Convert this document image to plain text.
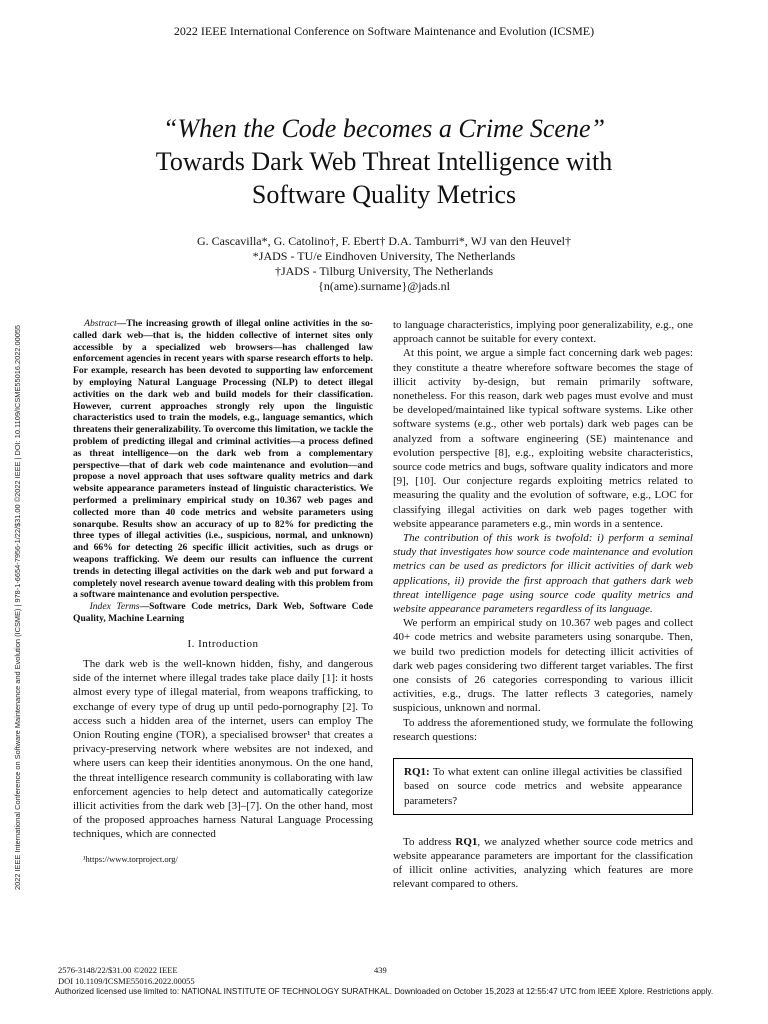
2022 IEEE International Conference on Software Maintenance and Evolution (ICSME)
2022 IEEE International Conference on Software Maintenance and Evolution (ICSME) | 978-1-6654-7956-1/22/$31.00 ©2022 IEEE | DOI: 10.1109/ICSME55016.2022.00055
“When the Code becomes a Crime Scene”
Towards Dark Web Threat Intelligence with
Software Quality Metrics
G. Cascavilla*, G. Catolino†, F. Ebert† D.A. Tamburri*, WJ van den Heuvel†
*JADS - TU/e Eindhoven University, The Netherlands
†JADS - Tilburg University, The Netherlands
{n(ame).surname}@jads.nl

Abstract—The increasing growth of illegal online activities in the so-called dark web—that is, the hidden collective of internet sites only accessible by a specialized web browsers—has challenged law enforcement agencies in recent years with sparse research efforts to help. For example, research has been devoted to supporting law enforcement by employing Natural Language Processing (NLP) to detect illegal activities on the dark web and build models for their classification. However, current approaches strongly rely upon the linguistic characteristics used to train the models, e.g., language semantics, which threatens their generalizability. To overcome this limitation, we tackle the problem of predicting illegal and criminal activities—a process defined as threat intelligence—on the dark web from a complementary perspective—that of dark web code maintenance and evolution—and propose a novel approach that uses software quality metrics and dark website appearance parameters instead of linguistic characteristics. We performed a preliminary empirical study on 10.367 web pages and collected more than 40 code metrics and website parameters using sonarqube. Results show an accuracy of up to 82% for predicting the three types of illegal activities (i.e., suspicious, normal, and unknown) and 66% for detecting 26 specific illicit activities, such as drugs or weapons trafficking. We deem our results can influence the current trends in detecting illegal activities on the dark web and put forward a completely novel research avenue toward dealing with this problem from a software maintenance and evolution perspective.

Index Terms—Software Code metrics, Dark Web, Software Code Quality, Machine Learning

I. Introduction

The dark web is the well-known hidden, fishy, and dangerous side of the internet where illegal trades take place daily [1]: it hosts almost every type of illegal material, from weapons trafficking, to exchange of every type of drug up until pedo-pornography [2]. To access such a hidden area of the internet, users can employ The Onion Routing engine (TOR), a specialised browser¹ that creates a privacy-preserving network where websites are not indexed, and where users can keep their identities anonymous. On the one hand, the threat intelligence research community is collaborating with law enforcement agencies to help detect and automatically categorize illicit activities from the dark web [3]–[7]. On the other hand, most of the proposed approaches harness Natural Language Processing techniques, which are connected

¹https://www.torproject.org/

to language characteristics, implying poor generalizability, e.g., one approach cannot be suitable for every context.

At this point, we argue a simple fact concerning dark web pages: they constitute a theatre wherefore software becomes the stage of illicit activity by-design, but remain primarily software, nonetheless. For this reason, dark web pages must evolve and must be developed/maintained like typical software systems. Like other software systems (e.g., other web portals) dark web pages can be analyzed from a software engineering (SE) maintenance and evolution perspective [8], e.g., exploiting website characteristics, source code metrics and bugs, software quality indicators and more [9], [10]. Our conjecture regards exploiting metrics related to measuring the quality and the evolution of software, e.g., LOC for classifying illegal activities on dark web pages together with website appearance parameters e.g., min words in a sentence.

The contribution of this work is twofold: i) perform a seminal study that investigates how source code maintenance and evolution metrics can be used as predictors for illicit activities of dark web applications, ii) provide the first approach that gathers dark web threat intelligence page using source code quality metrics and website appearance parameters regardless of its language.

We perform an empirical study on 10.367 web pages and collect 40+ code metrics and website parameters using sonarqube. Then, we build two prediction models for detecting illicit activities of dark web pages considering two different target variables. The first one consists of 26 categories corresponding to various illicit activities, e.g., drugs. The latter reflects 3 categories, namely suspicious, unknown and normal.

To address the aforementioned study, we formulate the following research questions:

RQ1: To what extent can online illegal activities be classified based on source code metrics and website appearance parameters?

To address RQ1, we analyzed whether source code metrics and website appearance parameters are important for the classification of illicit online activities, analyzing which features are more relevant compared to others.

2576-3148/22/$31.00 ©2022 IEEE
DOI 10.1109/ICSME55016.2022.00055
439
Authorized licensed use limited to: NATIONAL INSTITUTE OF TECHNOLOGY SURATHKAL. Downloaded on October 15,2023 at 12:55:47 UTC from IEEE Xplore. Restrictions apply.
